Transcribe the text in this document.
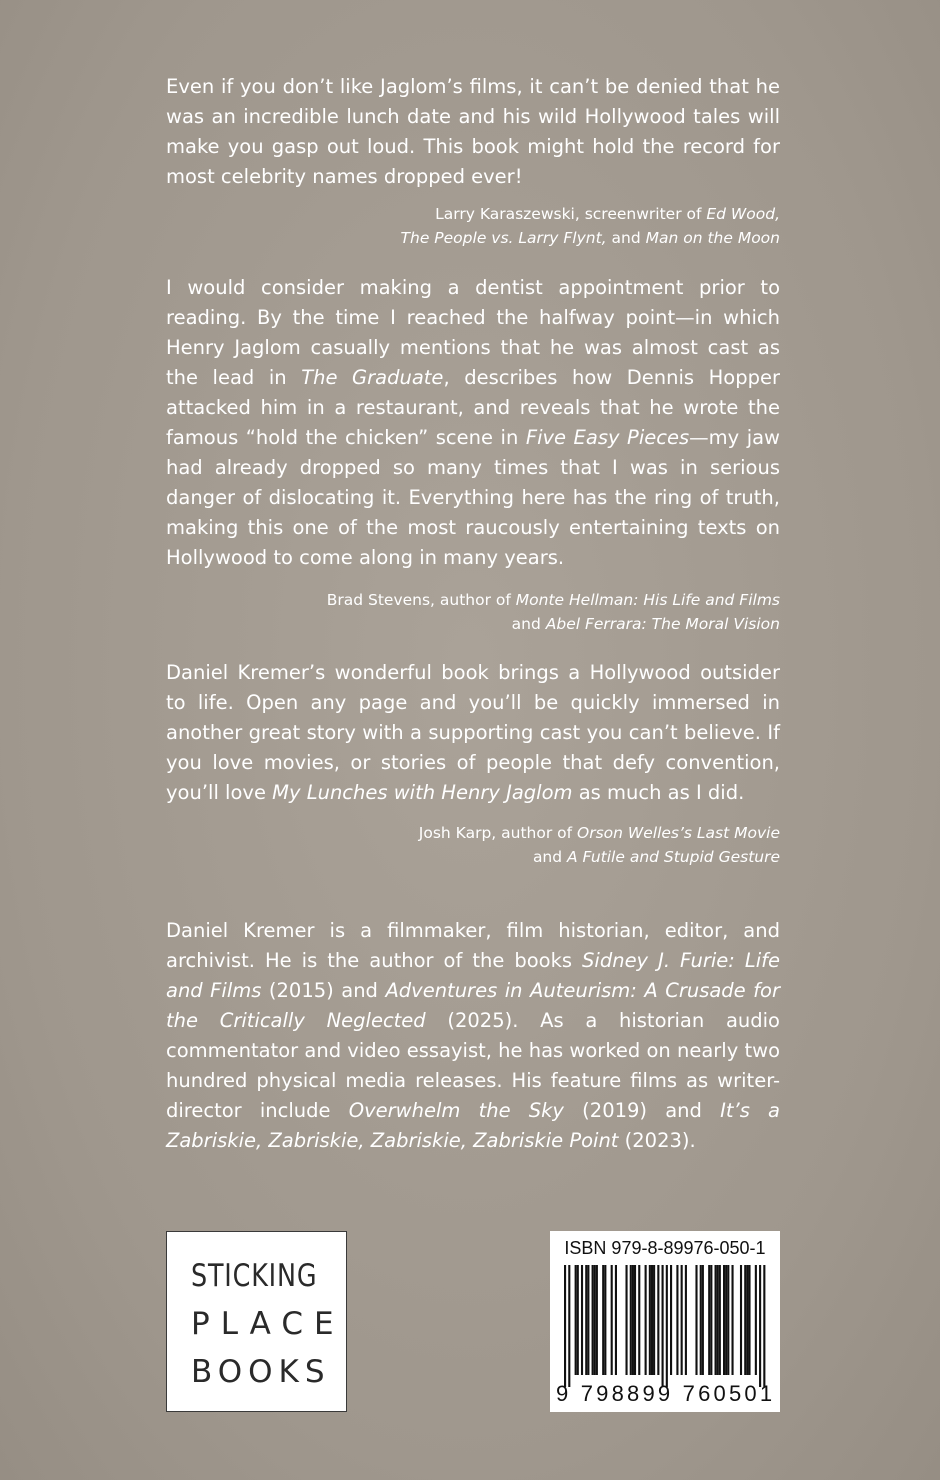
Even if you don’t like Jaglom’s films, it can’t be denied that he was an incredible lunch date and his wild Hollywood tales will make you gasp out loud. This book might hold the record for most celebrity names dropped ever!

Larry Karaszewski, screenwriter of Ed Wood,
The People vs. Larry Flynt, and Man on the Moon

I would consider making a dentist appointment prior to reading. By the time I reached the halfway point—in which Henry Jaglom casually mentions that he was almost cast as the lead in The Graduate, describes how Dennis Hopper attacked him in a restaurant, and reveals that he wrote the famous “hold the chicken” scene in Five Easy Pieces—my jaw had already dropped so many times that I was in serious danger of dislocating it. Everything here has the ring of truth, making this one of the most raucously entertaining texts on Hollywood to come along in many years.

Brad Stevens, author of Monte Hellman: His Life and Films
and Abel Ferrara: The Moral Vision

Daniel Kremer’s wonderful book brings a Hollywood outsider to life. Open any page and you’ll be quickly immersed in another great story with a supporting cast you can’t believe. If you love movies, or stories of people that defy convention, you’ll love My Lunches with Henry Jaglom as much as I did.

Josh Karp, author of Orson Welles’s Last Movie
and A Futile and Stupid Gesture

Daniel Kremer is a filmmaker, film historian, editor, and archivist. He is the author of the books Sidney J. Furie: Life and Films (2015) and Adventures in Auteurism: A Crusade for the Critically Neglected (2025). As a historian audio commentator and video essayist, he has worked on nearly two hundred physical media releases. His feature films as writer-director include Overwhelm the Sky (2019) and It’s a Zabriskie, Zabriskie, Zabriskie, Zabriskie Point (2023).

STICKING
PLACE
BOOKS
ISBN 979-8-89976-050-1
9 798899 760501
